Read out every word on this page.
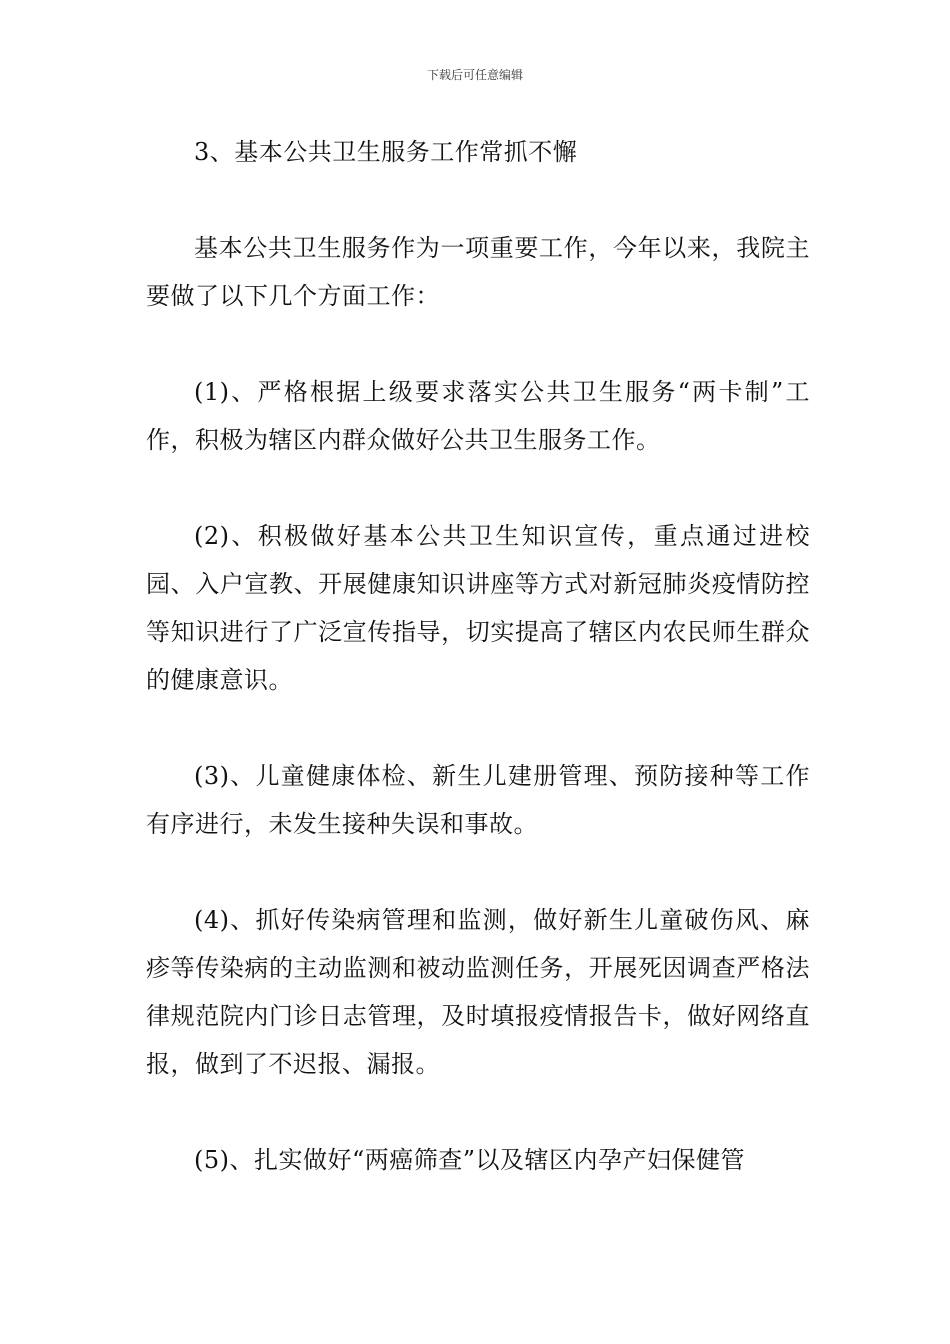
下载后可任意编辑

3、基本公共卫生服务工作常抓不懈

基本公共卫生服务作为一项重要工作，今年以来，我院主要做了以下几个方面工作：

(1)、严格根据上级要求落实公共卫生服务“两卡制”工作，积极为辖区内群众做好公共卫生服务工作。

(2)、积极做好基本公共卫生知识宣传，重点通过进校园、入户宣教、开展健康知识讲座等方式对新冠肺炎疫情防控等知识进行了广泛宣传指导，切实提高了辖区内农民师生群众的健康意识。

(3)、儿童健康体检、新生儿建册管理、预防接种等工作有序进行，未发生接种失误和事故。

(4)、抓好传染病管理和监测，做好新生儿童破伤风、麻疹等传染病的主动监测和被动监测任务，开展死因调查严格法律规范院内门诊日志管理，及时填报疫情报告卡，做好网络直报，做到了不迟报、漏报。

(5)、扎实做好“两癌筛查”以及辖区内孕产妇保健管
